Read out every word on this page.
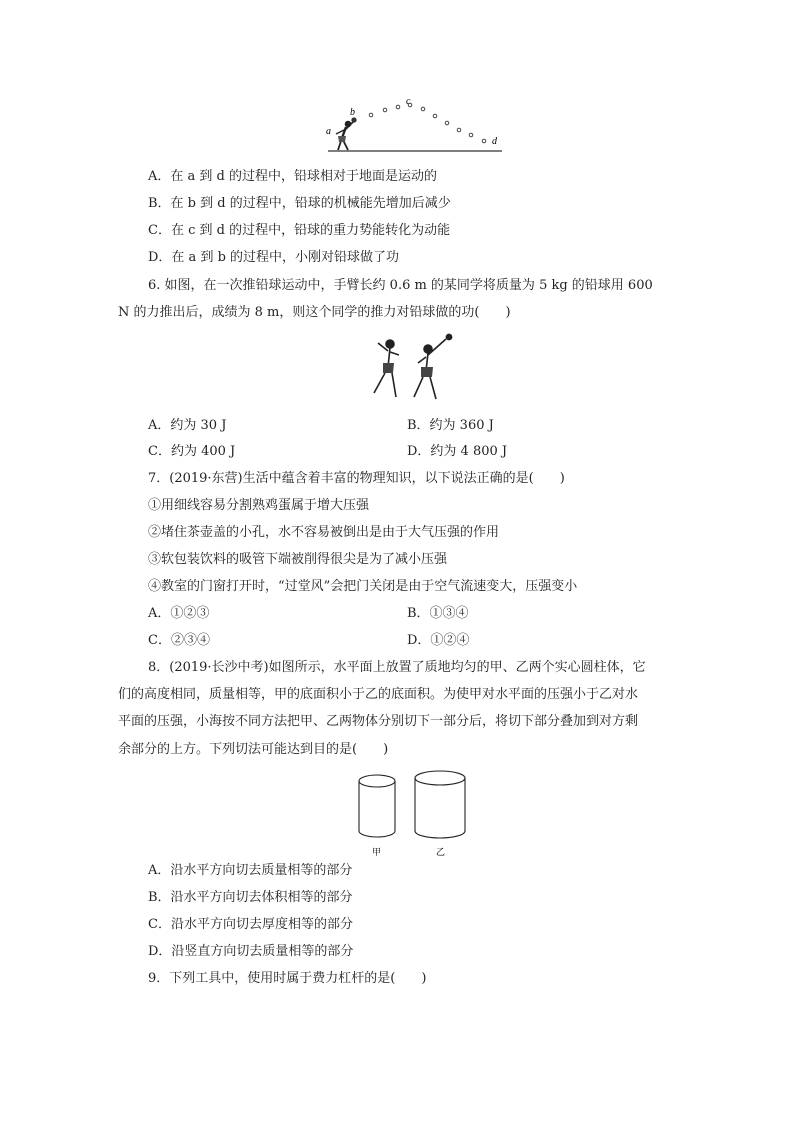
a
b
c
d
A．在 a 到 d 的过程中，铅球相对于地面是运动的
B．在 b 到 d 的过程中，铅球的机械能先增加后减少
C．在 c 到 d 的过程中，铅球的重力势能转化为动能
D．在 a 到 b 的过程中，小刚对铅球做了功
6. 如图，在一次推铅球运动中，手臂长约 0.6 m 的某同学将质量为 5 kg 的铅球用 600
N 的力推出后，成绩为 8 m，则这个同学的推力对铅球做的功(　　)
A．约为 30 J	B．约为 360 J
C．约为 400 J	D．约为 4 800 J
7．(2019·东营)生活中蕴含着丰富的物理知识，以下说法正确的是(　　)
①用细线容易分割熟鸡蛋属于增大压强
②堵住茶壶盖的小孔，水不容易被倒出是由于大气压强的作用
③软包装饮料的吸管下端被削得很尖是为了减小压强
④教室的门窗打开时，“过堂风”会把门关闭是由于空气流速变大，压强变小
A．①②③	B．①③④
C．②③④	D．①②④
8．(2019·长沙中考)如图所示，水平面上放置了质地均匀的甲、乙两个实心圆柱体，它
们的高度相同，质量相等，甲的底面积小于乙的底面积。为使甲对水平面的压强小于乙对水
平面的压强，小海按不同方法把甲、乙两物体分别切下一部分后，将切下部分叠加到对方剩
余部分的上方。下列切法可能达到目的是(　　)
甲	乙
A．沿水平方向切去质量相等的部分
B．沿水平方向切去体积相等的部分
C．沿水平方向切去厚度相等的部分
D．沿竖直方向切去质量相等的部分
9．下列工具中，使用时属于费力杠杆的是(　　)
